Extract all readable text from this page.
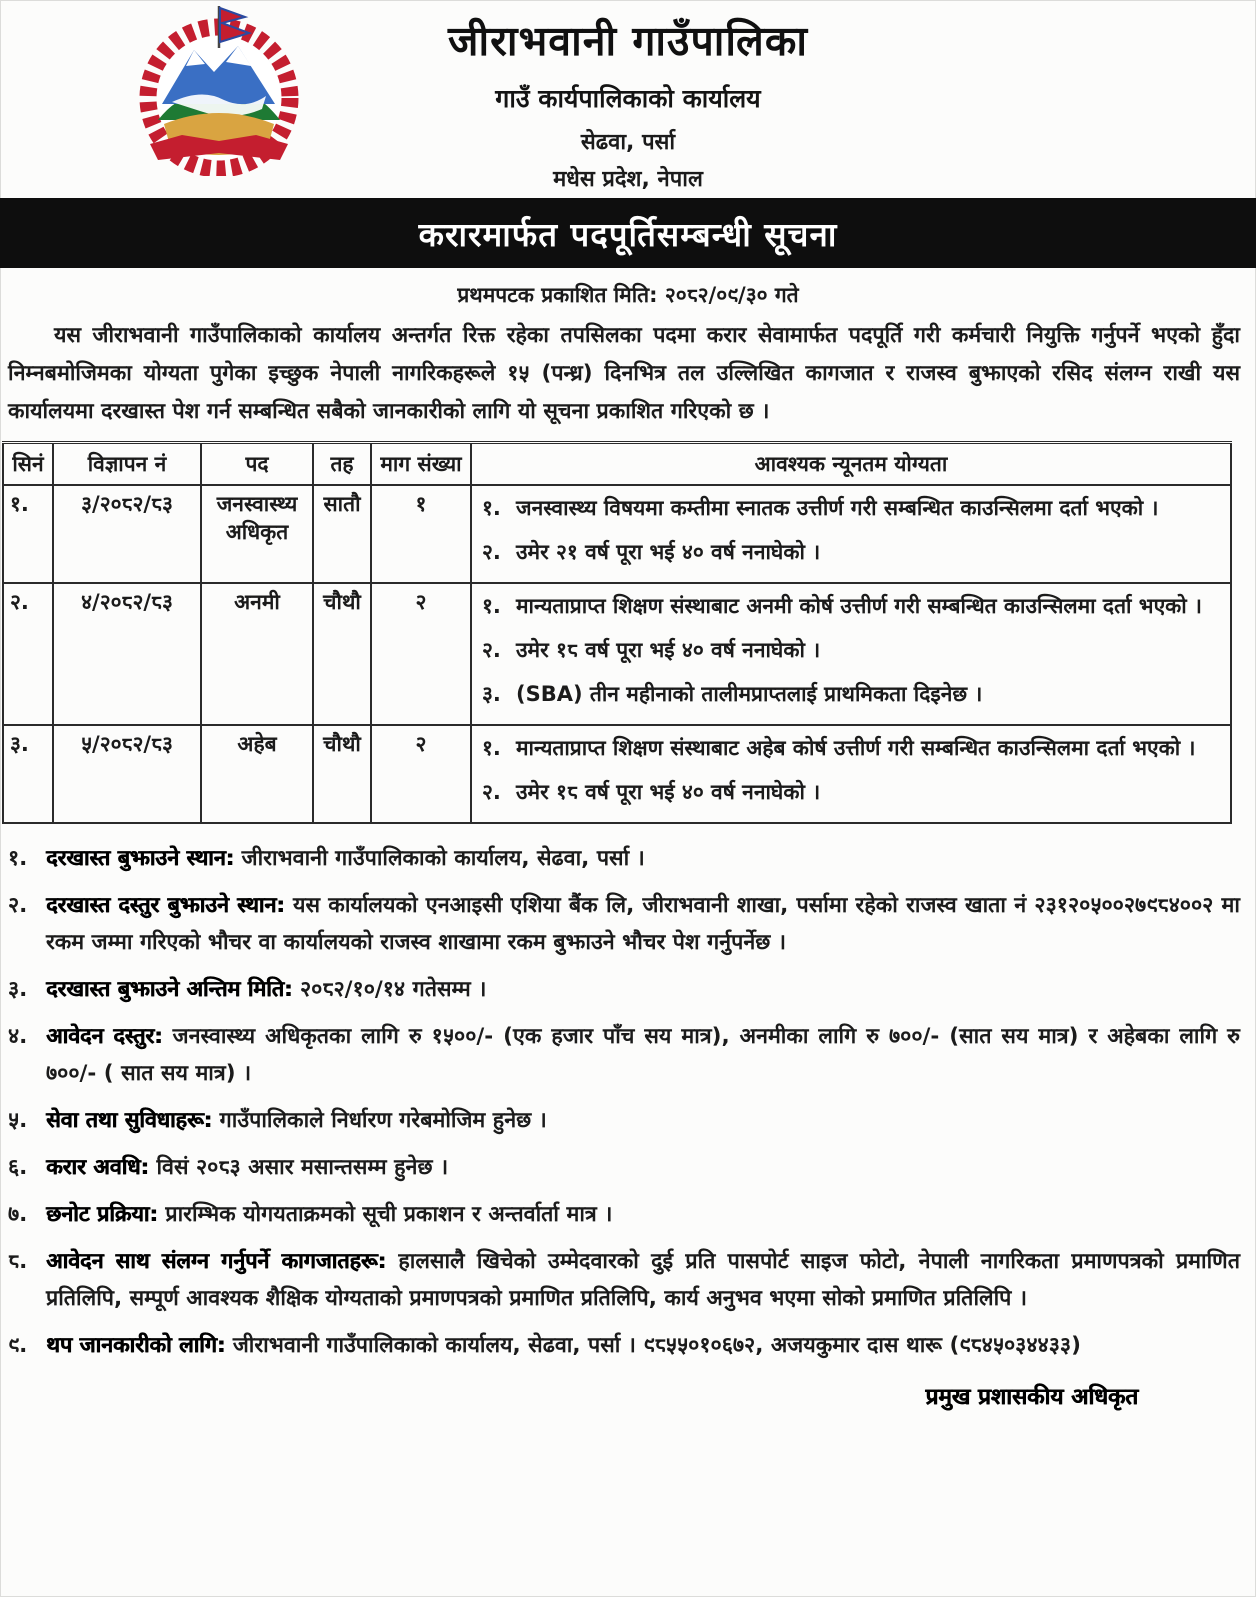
जीराभवानी गाउँपालिका
गाउँ कार्यपालिकाको कार्यालय
सेढवा, पर्सा
मधेस प्रदेश, नेपाल
करारमार्फत पदपूर्तिसम्बन्धी सूचना
प्रथमपटक प्रकाशित मिति: २०८२/०९/३० गते

यस जीराभवानी गाउँपालिकाको कार्यालय अन्तर्गत रिक्त रहेका तपसिलका पदमा करार सेवामार्फत पदपूर्ति गरी कर्मचारी नियुक्ति गर्नुपर्ने भएको हुँदा निम्नबमोजिमका योग्यता पुगेका इच्छुक नेपाली नागरिकहरूले १५ (पन्ध्र) दिनभित्र तल उल्लिखित कागजात र राजस्व बुझाएको रसिद संलग्न राखी यस कार्यालयमा दरखास्त पेश गर्न सम्बन्धित सबैको जानकारीको लागि यो सूचना प्रकाशित गरिएको छ ।

सिनं	विज्ञापन नं	पद	तह	माग संख्या	आवश्यक न्यूनतम योग्यता
१.	३/२०८२/८३	जनस्वास्थ्य अधिकृत	सातौ	१	१. जनस्वास्थ्य विषयमा कम्तीमा स्नातक उत्तीर्ण गरी सम्बन्धित काउन्सिलमा दर्ता भएको ।
२. उमेर २१ वर्ष पूरा भई ४० वर्ष ननाघेको ।

२.	४/२०८२/८३	अनमी	चौथौ	२	१. मान्यताप्राप्त शिक्षण संस्थाबाट अनमी कोर्ष उत्तीर्ण गरी सम्बन्धित काउन्सिलमा दर्ता भएको ।
२. उमेर १८ वर्ष पूरा भई ४० वर्ष ननाघेको ।
३. (SBA) तीन महीनाको तालीमप्राप्तलाई प्राथमिकता दिइनेछ ।

३.	५/२०८२/८३	अहेब	चौथौ	२	१. मान्यताप्राप्त शिक्षण संस्थाबाट अहेब कोर्ष उत्तीर्ण गरी सम्बन्धित काउन्सिलमा दर्ता भएको ।
२. उमेर १८ वर्ष पूरा भई ४० वर्ष ननाघेको ।
१. दरखास्त बुझाउने स्थान: जीराभवानी गाउँपालिकाको कार्यालय, सेढवा, पर्सा ।
२. दरखास्त दस्तुर बुझाउने स्थान: यस कार्यालयको एनआइसी एशिया बैंक लि, जीराभवानी शाखा, पर्सामा रहेको राजस्व खाता नं २३१२०५००२७९८४००२ मा रकम जम्मा गरिएको भौचर वा कार्यालयको राजस्व शाखामा रकम बुझाउने भौचर पेश गर्नुपर्नेछ ।
३. दरखास्त बुझाउने अन्तिम मिति: २०८२/१०/१४ गतेसम्म ।
४. आवेदन दस्तुर: जनस्वास्थ्य अधिकृतका लागि रु १५००/- (एक हजार पाँच सय मात्र), अनमीका लागि रु ७००/- (सात सय मात्र) र अहेबका लागि रु ७००/- ( सात सय मात्र) ।
५. सेवा तथा सुविधाहरू: गाउँपालिकाले निर्धारण गरेबमोजिम हुनेछ ।
६. करार अवधि: विसं २०८३ असार मसान्तसम्म हुनेछ ।
७. छनोट प्रक्रिया: प्रारम्भिक योगयताक्रमको सूची प्रकाशन र अन्तर्वार्ता मात्र ।
८. आवेदन साथ संलग्न गर्नुपर्ने कागजातहरू: हालसालै खिचेको उम्मेदवारको दुई प्रति पासपोर्ट साइज फोटो, नेपाली नागरिकता प्रमाणपत्रको प्रमाणित प्रतिलिपि, सम्पूर्ण आवश्यक शैक्षिक योग्यताको प्रमाणपत्रको प्रमाणित प्रतिलिपि, कार्य अनुभव भएमा सोको प्रमाणित प्रतिलिपि ।
९. थप जानकारीको लागि: जीराभवानी गाउँपालिकाको कार्यालय, सेढवा, पर्सा । ९८५५०१०६७२, अजयकुमार दास थारू (९८४५०३४४३३)
प्रमुख प्रशासकीय अधिकृत
